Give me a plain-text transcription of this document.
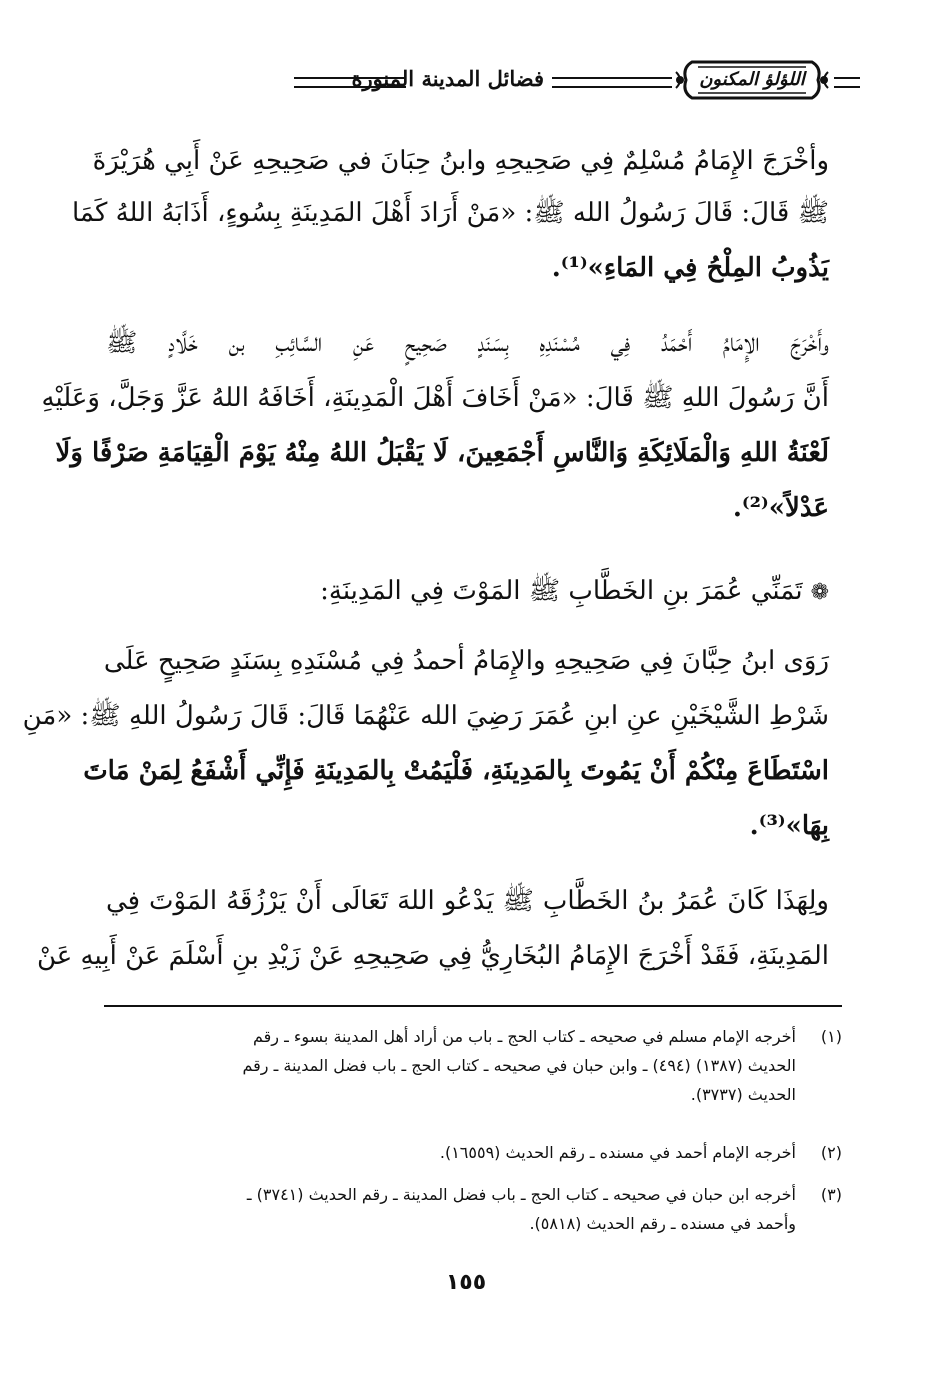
اللؤلؤ المكنون
فضائل المدينة المنورة
وأخْرَجَ الإِمَامُ مُسْلِمٌ فِي صَحِيحِهِ وابنُ حِبَانَ في صَحِيحِهِ عَنْ أَبِي هُرَيْرَةَ
ﷺ قَالَ: قَالَ رَسُولُ الله ﷺ: «مَنْ أَرَادَ أَهْلَ المَدِينَةِ بِسُوءٍ، أَذَابَهُ اللهُ كَمَا
يَذُوبُ المِلْحُ فِي المَاءِ»⁽¹⁾.
وأَخْرَجَ الإِمَامُ أَحْمَدُ فِي مُسْنَدِهِ بِسَنَدٍ صَحِيحٍ عَنِ السَّائِبِ بن خَلَّادٍ ﷺ
أَنَّ رَسُولَ اللهِ ﷺ قَالَ: «مَنْ أَخَافَ أَهْلَ الْمَدِينَةِ، أَخَافَهُ اللهُ عَزَّ وَجَلَّ، وَعَلَيْهِ
لَعْنَةُ اللهِ وَالْمَلَائِكَةِ وَالنَّاسِ أَجْمَعِينَ، لَا يَقْبَلُ اللهُ مِنْهُ يَوْمَ الْقِيَامَةِ صَرْفًا وَلَا
عَدْلاً»⁽²⁾.
❁تَمَنِّي عُمَرَ بنِ الخَطَّابِ ﷺ المَوْتَ فِي المَدِينَةِ:
رَوَى ابنُ حِبَّانَ فِي صَحِيحِهِ والإِمَامُ أحمدُ فِي مُسْنَدِهِ بِسَنَدٍ صَحِيحٍ عَلَى
شَرْطِ الشَّيْخَيْنِ عنِ ابنِ عُمَرَ رَضِيَ الله عَنْهُمَا قَالَ: قَالَ رَسُولُ اللهِ ﷺ: «مَنِ
اسْتَطَاعَ مِنْكُمْ أَنْ يَمُوتَ بِالمَدِينَةِ، فَلْيَمُتْ بِالمَدِينَةِ فَإِنِّي أَشْفَعُ لِمَنْ مَاتَ
بِهَا»⁽³⁾.
ولِهَذَا كَانَ عُمَرُ بنُ الخَطَّابِ ﷺ يَدْعُو اللهَ تَعَالَى أَنْ يَرْزُقَهُ المَوْتَ فِي
المَدِينَةِ، فَقَدْ أَخْرَجَ الإِمَامُ البُخَارِيُّ فِي صَحِيحِهِ عَنْ زَيْدِ بنِ أَسْلَمَ عَنْ أَبِيهِ عَنْ
(١)
أخرجه الإمام مسلم في صحيحه ـ كتاب الحج ـ باب من أراد أهل المدينة بسوء ـ رقم
الحديث (١٣٨٧) (٤٩٤) ـ وابن حبان في صحيحه ـ كتاب الحج ـ باب فضل المدينة ـ رقم
الحديث (٣٧٣٧).
(٢)
أخرجه الإمام أحمد في مسنده ـ رقم الحديث (١٦٥٥٩).
(٣)
أخرجه ابن حبان في صحيحه ـ كتاب الحج ـ باب فضل المدينة ـ رقم الحديث (٣٧٤١) ـ
وأحمد في مسنده ـ رقم الحديث (٥٨١٨).
١٥٥
